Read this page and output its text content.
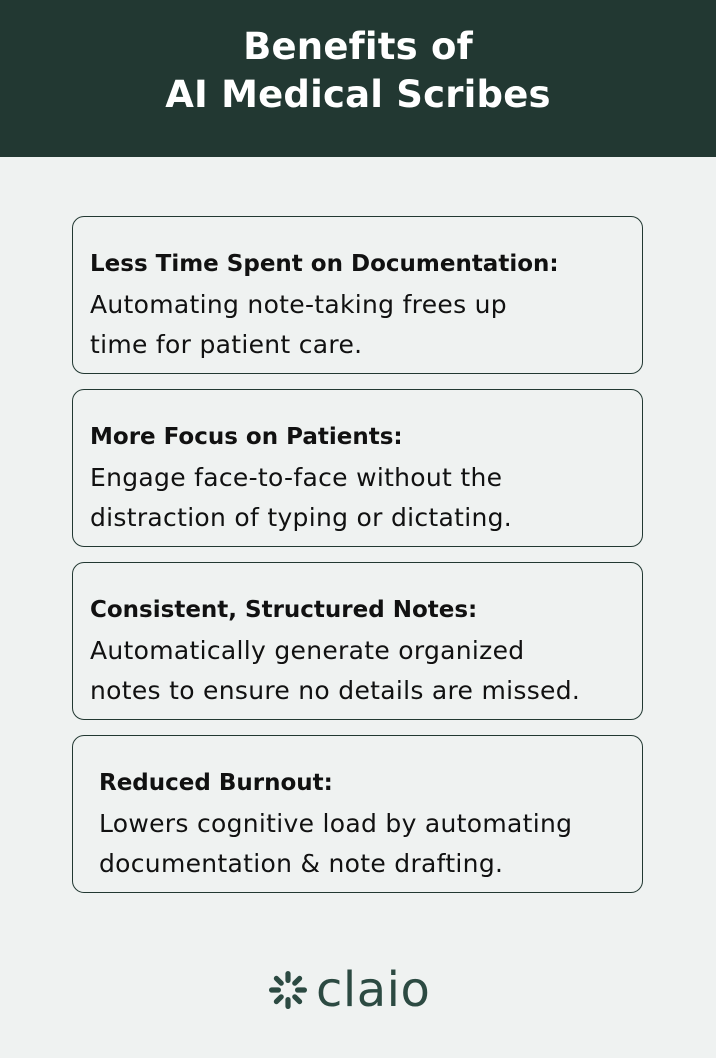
Benefits of
AI Medical Scribes
Less Time Spent on Documentation:
Automating note-taking frees up
time for patient care.
More Focus on Patients:
Engage face-to-face without the
distraction of typing or dictating.
Consistent, Structured Notes:
Automatically generate organized
notes to ensure no details are missed.
Reduced Burnout:
Lowers cognitive load by automating
documentation & note drafting.
claio
